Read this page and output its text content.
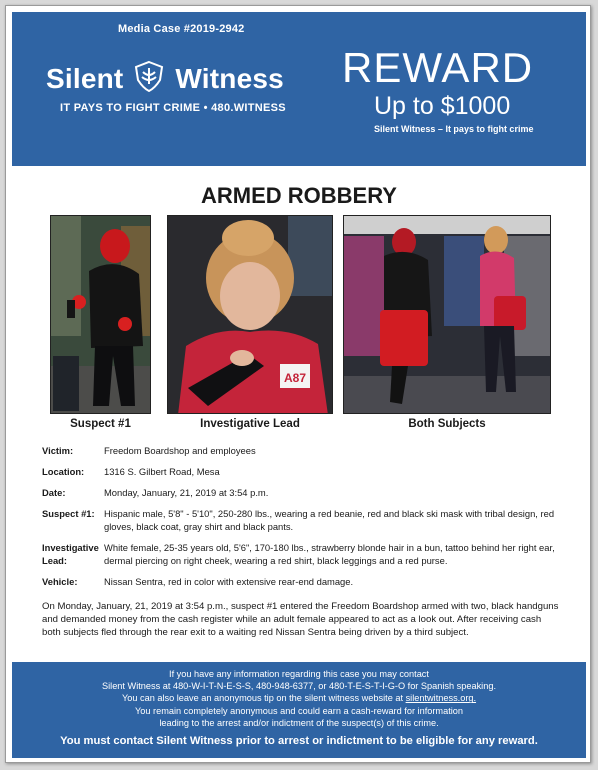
Media Case #2019-2942
Silent Witness
IT PAYS TO FIGHT CRIME • 480.WITNESS
REWARD
Up to $1000
Silent Witness – It pays to fight crime
ARMED ROBBERY
Suspect #1
A87
Investigative Lead	Both Subjects
Victim:	Freedom Boardshop and employees
Location:	1316 S. Gilbert Road, Mesa
Date:	Monday, January, 21, 2019 at 3:54 p.m.
Suspect #1: Hispanic male, 5'8" - 5'10", 250-280 lbs., wearing a red beanie, red and black ski mask with tribal design, red gloves, black coat, gray shirt and black pants.
Investigative Lead:
White female, 25-35 years old, 5'6", 170-180 lbs., strawberry blonde hair in a bun, tattoo behind her right ear, dermal piercing on right cheek, wearing a red shirt, black leggings and a red purse.
Vehicle:	Nissan Sentra, red in color with extensive rear-end damage.
On Monday, January, 21, 2019 at 3:54 p.m., suspect #1 entered the Freedom Boardshop armed with two, black handguns and demanded money from the cash register while an adult female appeared to act as a look out. After receiving cash both subjects fled through the rear exit to a waiting red Nissan Sentra being driven by a third subject.
If you have any information regarding this case you may contact
Silent Witness at 480-W-I-T-N-E-S-S, 480-948-6377, or 480-T-E-S-T-I-G-O for Spanish speaking.
You can also leave an anonymous tip on the silent witness website at silentwitness.org.
You remain completely anonymous and could earn a cash-reward for information
leading to the arrest and/or indictment of the suspect(s) of this crime.
You must contact Silent Witness prior to arrest or indictment to be eligible for any reward.
